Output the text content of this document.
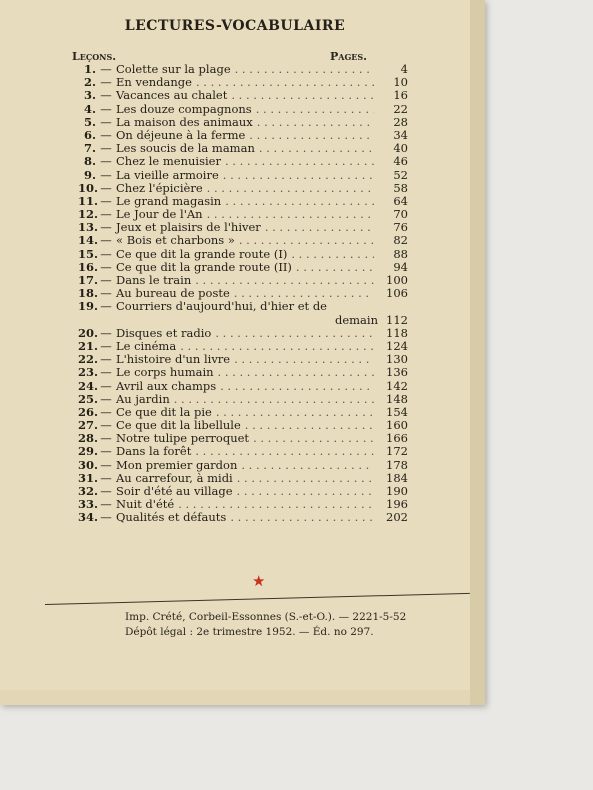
LECTURES-VOCABULAIRE
Leçons.	Pages.
1. — Colette sur la plage . . .	4
2. — En vendange . . .	10
3. — Vacances au chalet . . .	16
4. — Les douze compagnons . . .	22
5. — La maison des animaux . . .	28
6. — On déjeune à la ferme . . .	34
7. — Les soucis de la maman . . .	40
8. — Chez le menuisier . . .	46
9. — La vieille armoire . . .	52
10. — Chez l'épicière . . .	58
11. — Le grand magasin . . .	64
12. — Le Jour de l'An . . .	70
13. — Jeux et plaisirs de l'hiver . . .	76
14. — « Bois et charbons » . . .	82
15. — Ce que dit la grande route (I) . . .	88
16. — Ce que dit la grande route (II) . . .	94
17. — Dans le train . . .	100
18. — Au bureau de poste . . .	106
19. — Courriers d'aujourd'hui, d'hier et de
demain 112
20. — Disques et radio . . .	118
21. — Le cinéma . . .	124
22. — L'histoire d'un livre . . .	130
23. — Le corps humain . . .	136
24. — Avril aux champs . . .	142
25. — Au jardin . . .	148
26. — Ce que dit la pie . . .	154
27. — Ce que dit la libellule . . .	160
28. — Notre tulipe perroquet . . .	166
29. — Dans la forêt . . .	172
30. — Mon premier gardon . . .	178
31. — Au carrefour, à midi . . .	184
32. — Soir d'été au village . . .	190
33. — Nuit d'été . . .	196
34. — Qualités et défauts . . .	202
★
Imp. Crété, Corbeil-Essonnes (S.-et-O.). — 2221-5-52
Dépôt légal : 2e trimestre 1952. — Éd. no 297.
